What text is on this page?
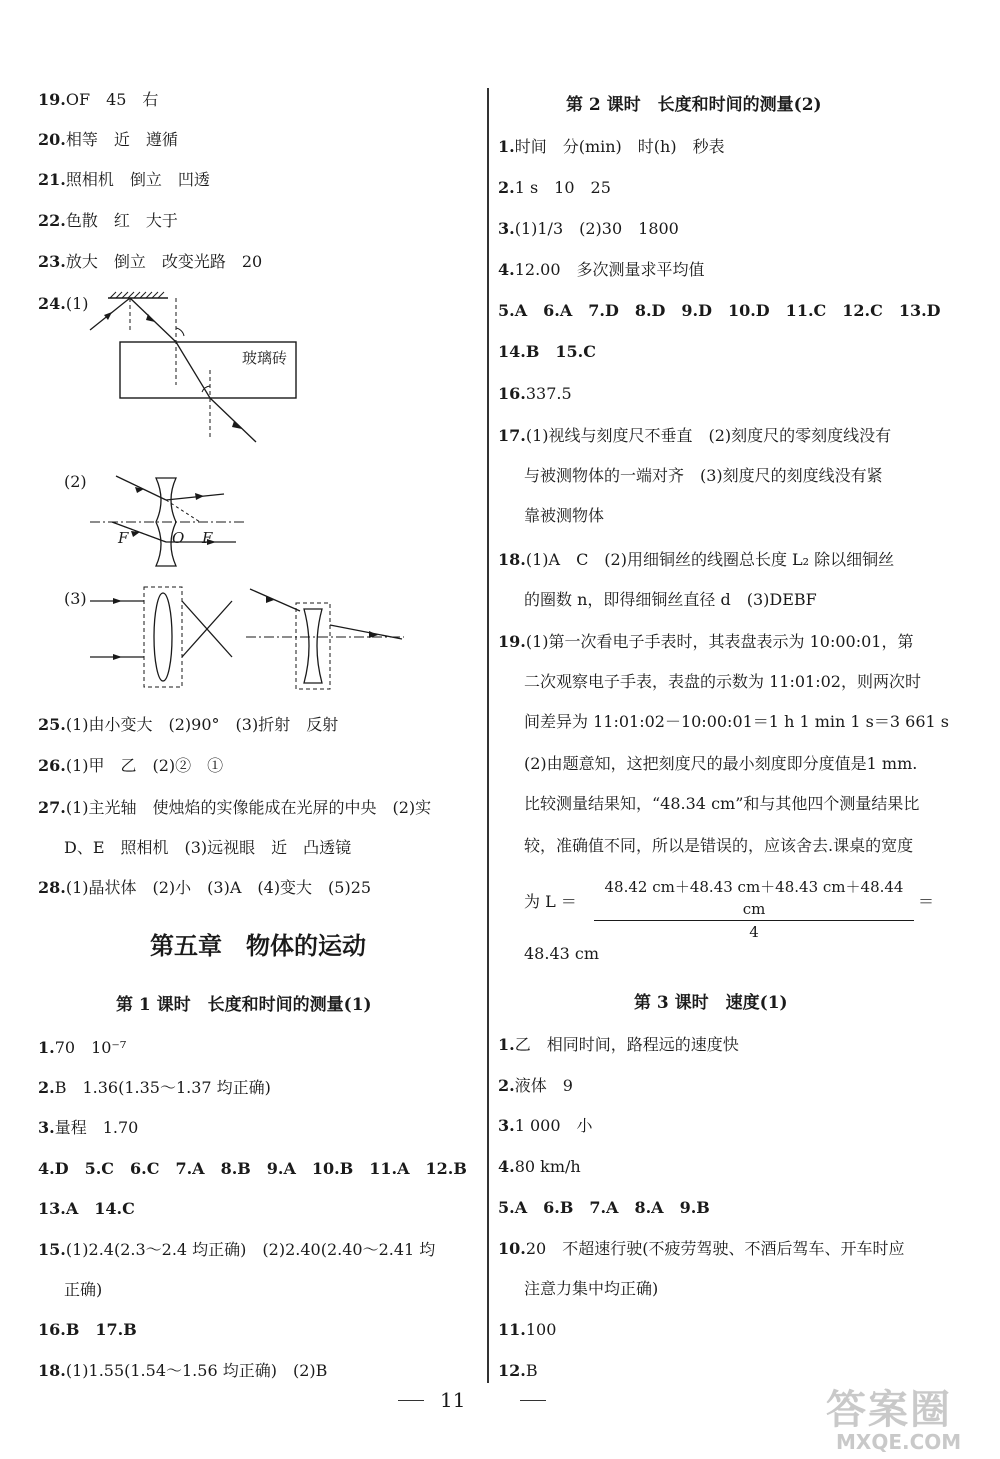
19.OF　45　右
20.相等　近　遵循
21.照相机　倒立　凹透
22.色散　红　大于
23.放大　倒立　改变光路　20
24.(1)
玻璃砖
(2)
F	O F
(3)
25.(1)由小变大　(2)90°　(3)折射　反射
26.(1)甲　乙　(2)②　①
27.(1)主光轴　使烛焰的实像能成在光屏的中央　(2)实
D、E　照相机　(3)远视眼　近　凸透镜
28.(1)晶状体　(2)小　(3)A　(4)变大　(5)25
第五章　物体的运动
第 1 课时　长度和时间的测量(1)
1.70　10⁻⁷
2.B　1.36(1.35～1.37 均正确)
3.量程　1.70
4.D　5.C　6.C　7.A　8.B　9.A　10.B　11.A　12.B
13.A　14.C
15.(1)2.4(2.3～2.4 均正确)　(2)2.40(2.40～2.41 均
正确)
16.B　17.B
18.(1)1.55(1.54～1.56 均正确)　(2)B
第 2 课时　长度和时间的测量(2)
1.时间　分(min)　时(h)　秒表
2.1 s　10　25
3.(1)1/3　(2)30　1800
4.12.00　多次测量求平均值
5.A　6.A　7.D　8.D　9.D　10.D　11.C　12.C　13.D
14.B　15.C
16.337.5
17.(1)视线与刻度尺不垂直　(2)刻度尺的零刻度线没有
与被测物体的一端对齐　(3)刻度尺的刻度线没有紧
靠被测物体
18.(1)A　C　(2)用细铜丝的线圈总长度 L₂ 除以细铜丝
的圈数 n，即得细铜丝直径 d　(3)DEBF
19.(1)第一次看电子手表时，其表盘表示为 10:00:01，第
二次观察电子手表，表盘的示数为 11:01:02，则两次时
间差异为 11:01:02－10:00:01＝1 h 1 min 1 s＝3 661 s
(2)由题意知，这把刻度尺的最小刻度即分度值是1 mm.
比较测量结果知，“48.34 cm”和与其他四个测量结果比
较，准确值不同，所以是错误的，应该舍去.课桌的宽度
为 L ＝
48.42 cm＋48.43 cm＋48.43 cm＋48.44 cm
4
＝
48.43 cm
第 3 课时　速度(1)
1.乙　相同时间，路程远的速度快
2.液体　9
3.1 000　小
4.80 km/h
5.A　6.B　7.A　8.A　9.B
10.20　不超速行驶(不疲劳驾驶、不酒后驾车、开车时应
注意力集中均正确)
11.100
12.B
11	答案圈
MXQE.COM
